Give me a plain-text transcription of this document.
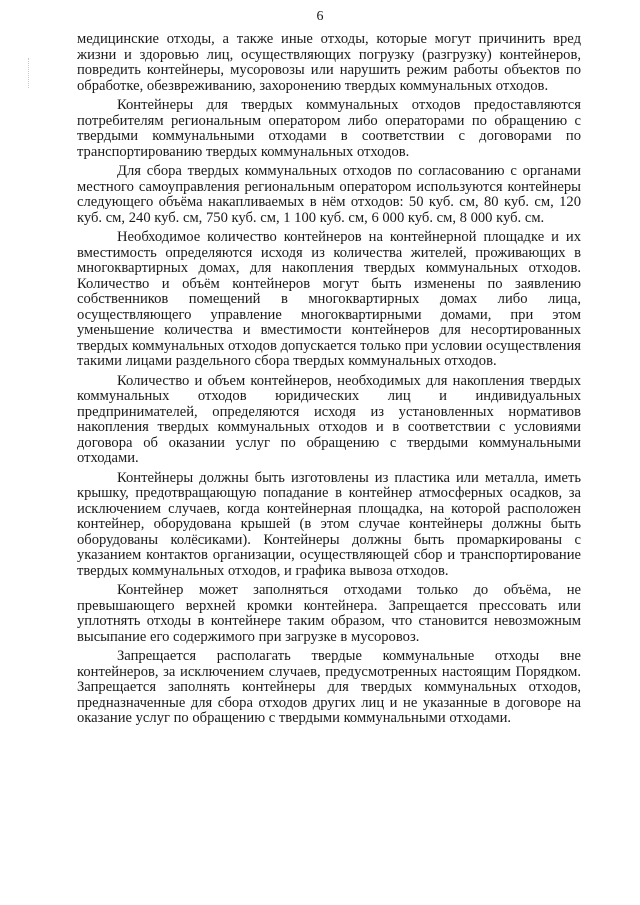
6

медицинские отходы, а также иные отходы, которые могут причинить вред жизни и здоровью лиц, осуществляющих погрузку (разгрузку) контейнеров, повредить контейнеры, мусоровозы или нарушить режим работы объектов по обработке, обезвреживанию, захоронению твердых коммунальных отходов.

Контейнеры для твердых коммунальных отходов предоставляются потребителям региональным оператором либо операторами по обращению с твердыми коммунальными отходами в соответствии с договорами по транспортированию твердых коммунальных отходов.

Для сбора твердых коммунальных отходов по согласованию с органами местного самоуправления региональным оператором используются контейнеры следующего объёма накапливаемых в нём отходов: 50 куб. см, 80 куб. см, 120 куб. см, 240 куб. см, 750 куб. см, 1 100 куб. см, 6 000 куб. см, 8 000 куб. см.

Необходимое количество контейнеров на контейнерной площадке и их вместимость определяются исходя из количества жителей, проживающих в многоквартирных домах, для накопления твердых коммунальных отходов. Количество и объём контейнеров могут быть изменены по заявлению собственников помещений в многоквартирных домах либо лица, осуществляющего управление многоквартирными домами, при этом уменьшение количества и вместимости контейнеров для несортированных твердых коммунальных отходов допускается только при условии осуществления такими лицами раздельного сбора твердых коммунальных отходов.

Количество и объем контейнеров, необходимых для накопления твердых коммунальных отходов юридических лиц и индивидуальных предпринимателей, определяются исходя из установленных нормативов накопления твердых коммунальных отходов и в соответствии с условиями договора об оказании услуг по обращению с твердыми коммунальными отходами.

Контейнеры должны быть изготовлены из пластика или металла, иметь крышку, предотвращающую попадание в контейнер атмосферных осадков, за исключением случаев, когда контейнерная площадка, на которой расположен контейнер, оборудована крышей (в этом случае контейнеры должны быть оборудованы колёсиками). Контейнеры должны быть промаркированы с указанием контактов организации, осуществляющей сбор и транспортирование твердых коммунальных отходов, и графика вывоза отходов.

Контейнер может заполняться отходами только до объёма, не превышающего верхней кромки контейнера. Запрещается прессовать или уплотнять отходы в контейнере таким образом, что становится невозможным высыпание его содержимого при загрузке в мусоровоз.

Запрещается располагать твердые коммунальные отходы вне контейнеров, за исключением случаев, предусмотренных настоящим Порядком. Запрещается заполнять контейнеры для твердых коммунальных отходов, предназначенные для сбора отходов других лиц и не указанные в договоре на оказание услуг по обращению с твердыми коммунальными отходами.
